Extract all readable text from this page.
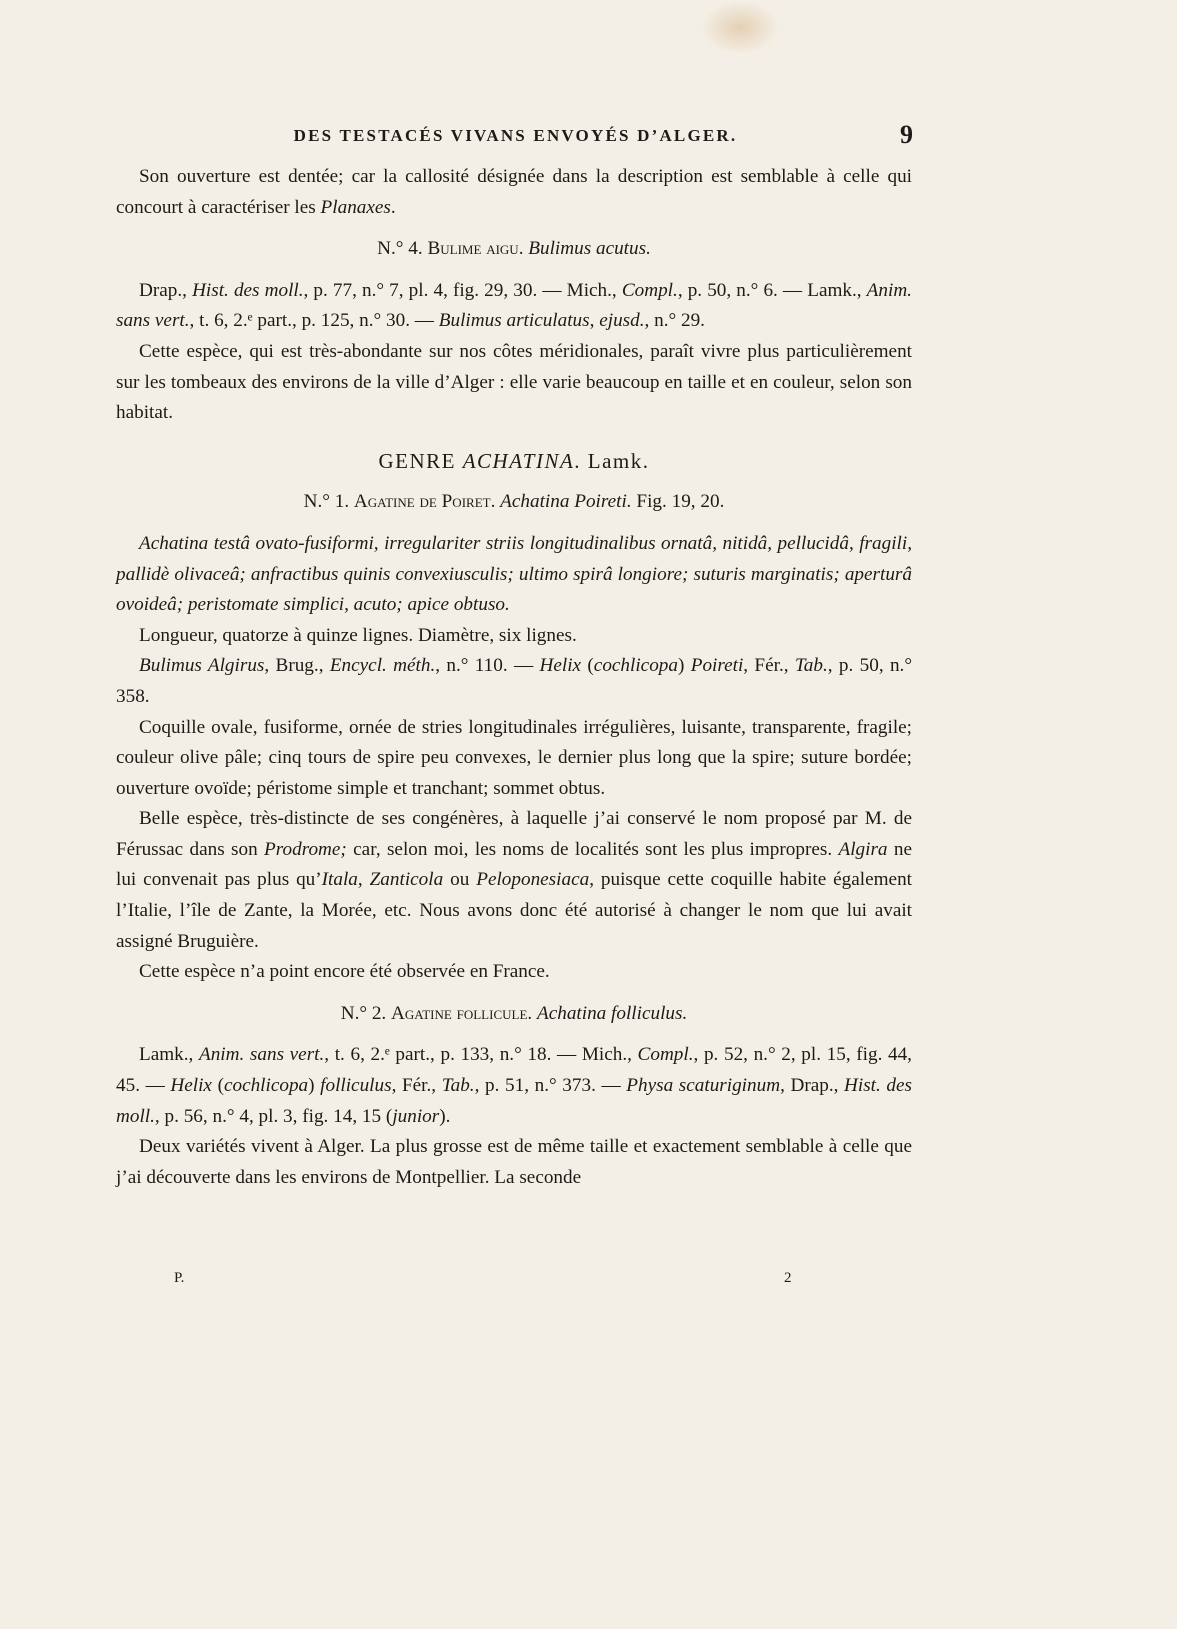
DES TESTACÉS VIVANS ENVOYÉS D’ALGER.	9

Son ouverture est dentée; car la callosité désignée dans la description est semblable à celle qui concourt à caractériser les Planaxes.

N.° 4. Bulime aigu. Bulimus acutus.

Drap., Hist. des moll., p. 77, n.° 7, pl. 4, fig. 29, 30. — Mich., Compl., p. 50, n.° 6. — Lamk., Anim. sans vert., t. 6, 2.ᵉ part., p. 125, n.° 30. — Bulimus articulatus, ejusd., n.° 29.

Cette espèce, qui est très-abondante sur nos côtes méridionales, paraît vivre plus particulièrement sur les tombeaux des environs de la ville d’Alger : elle varie beaucoup en taille et en couleur, selon son habitat.

GENRE ACHATINA. Lamk.

N.° 1. Agatine de Poiret. Achatina Poireti. Fig. 19, 20.

Achatina testâ ovato-fusiformi, irregulariter striis longitudinalibus ornatâ, nitidâ, pellucidâ, fragili, pallidè olivaceâ; anfractibus quinis convexiusculis; ultimo spirâ longiore; suturis marginatis; aperturâ ovoideâ; peristomate simplici, acuto; apice obtuso.

Longueur, quatorze à quinze lignes. Diamètre, six lignes.

Bulimus Algirus, Brug., Encycl. méth., n.° 110. — Helix (cochlicopa) Poireti, Fér., Tab., p. 50, n.° 358.

Coquille ovale, fusiforme, ornée de stries longitudinales irrégulières, luisante, transparente, fragile; couleur olive pâle; cinq tours de spire peu convexes, le dernier plus long que la spire; suture bordée; ouverture ovoïde; péristome simple et tranchant; sommet obtus.

Belle espèce, très-distincte de ses congénères, à laquelle j’ai conservé le nom proposé par M. de Férussac dans son Prodrome; car, selon moi, les noms de localités sont les plus impropres. Algira ne lui convenait pas plus qu’Itala, Zanticola ou Peloponesiaca, puisque cette coquille habite également l’Italie, l’île de Zante, la Morée, etc. Nous avons donc été autorisé à changer le nom que lui avait assigné Bruguière.

Cette espèce n’a point encore été observée en France.

N.° 2. Agatine folliculе. Achatina folliculus.

Lamk., Anim. sans vert., t. 6, 2.ᵉ part., p. 133, n.° 18. — Mich., Compl., p. 52, n.° 2, pl. 15, fig. 44, 45. — Helix (cochlicopa) folliculus, Fér., Tab., p. 51, n.° 373. — Physa scaturiginum, Drap., Hist. des moll., p. 56, n.° 4, pl. 3, fig. 14, 15 (junior).

Deux variétés vivent à Alger. La plus grosse est de même taille et exactement semblable à celle que j’ai découverte dans les environs de Montpellier. La seconde

P.	2
